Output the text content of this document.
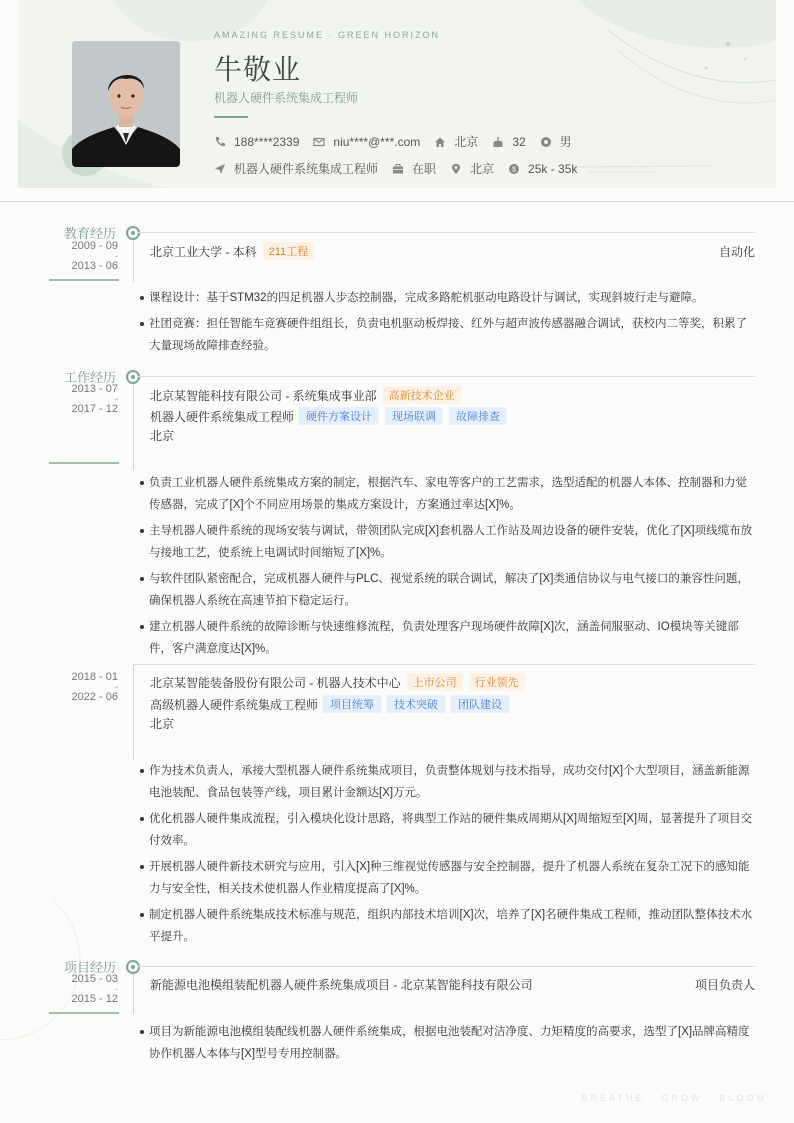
AMAZING RESUME · GREEN HORIZON
牛敬业
机器人硬件系统集成工程师
188****2339	niu****@***.com	北京	32	男
机器人硬件系统集成工程师	在职	北京	$ 25k - 35k
教育经历
2009 - 09
-
2013 - 06
北京工业大学 - 本科	211工程	自动化
课程设计：基于STM32的四足机器人步态控制器，完成多路舵机驱动电路设计与调试，实现斜坡行走与避障。
社团竞赛：担任智能车竞赛硬件组组长，负责电机驱动板焊接、红外与超声波传感器融合调试，获校内二等奖，积累了大量现场故障排查经验。
工作经历
2013 - 07
-
2017 - 12
北京某智能科技有限公司 - 系统集成事业部	高新技术企业
机器人硬件系统集成工程师	硬件方案设计	现场联调	故障排查
北京
负责工业机器人硬件系统集成方案的制定，根据汽车、家电等客户的工艺需求，选型适配的机器人本体、控制器和力觉传感器，完成了[X]个不同应用场景的集成方案设计，方案通过率达[X]%。
主导机器人硬件系统的现场安装与调试，带领团队完成[X]套机器人工作站及周边设备的硬件安装，优化了[X]项线缆布放与接地工艺，使系统上电调试时间缩短了[X]%。
与软件团队紧密配合，完成机器人硬件与PLC、视觉系统的联合调试，解决了[X]类通信协议与电气接口的兼容性问题，确保机器人系统在高速节拍下稳定运行。
建立机器人硬件系统的故障诊断与快速维修流程，负责处理客户现场硬件故障[X]次，涵盖伺服驱动、IO模块等关键部件，客户满意度达[X]%。
2018 - 01
-
2022 - 06
北京某智能装备股份有限公司 - 机器人技术中心	上市公司	行业领先
高级机器人硬件系统集成工程师	项目统筹	技术突破	团队建设
北京
作为技术负责人，承接大型机器人硬件系统集成项目，负责整体规划与技术指导，成功交付[X]个大型项目，涵盖新能源电池装配、食品包装等产线，项目累计金额达[X]万元。
优化机器人硬件集成流程，引入模块化设计思路，将典型工作站的硬件集成周期从[X]周缩短至[X]周，显著提升了项目交付效率。
开展机器人硬件新技术研究与应用，引入[X]种三维视觉传感器与安全控制器，提升了机器人系统在复杂工况下的感知能力与安全性，相关技术使机器人作业精度提高了[X]%。
制定机器人硬件系统集成技术标准与规范，组织内部技术培训[X]次，培养了[X]名硬件集成工程师，推动团队整体技术水平提升。
项目经历
2015 - 03
-
2015 - 12
新能源电池模组装配机器人硬件系统集成项目 - 北京某智能科技有限公司	项目负责人
项目为新能源电池模组装配线机器人硬件系统集成，根据电池装配对洁净度、力矩精度的高要求，选型了[X]品牌高精度协作机器人本体与[X]型号专用控制器。
BREATHE · GROW · BLOOM
